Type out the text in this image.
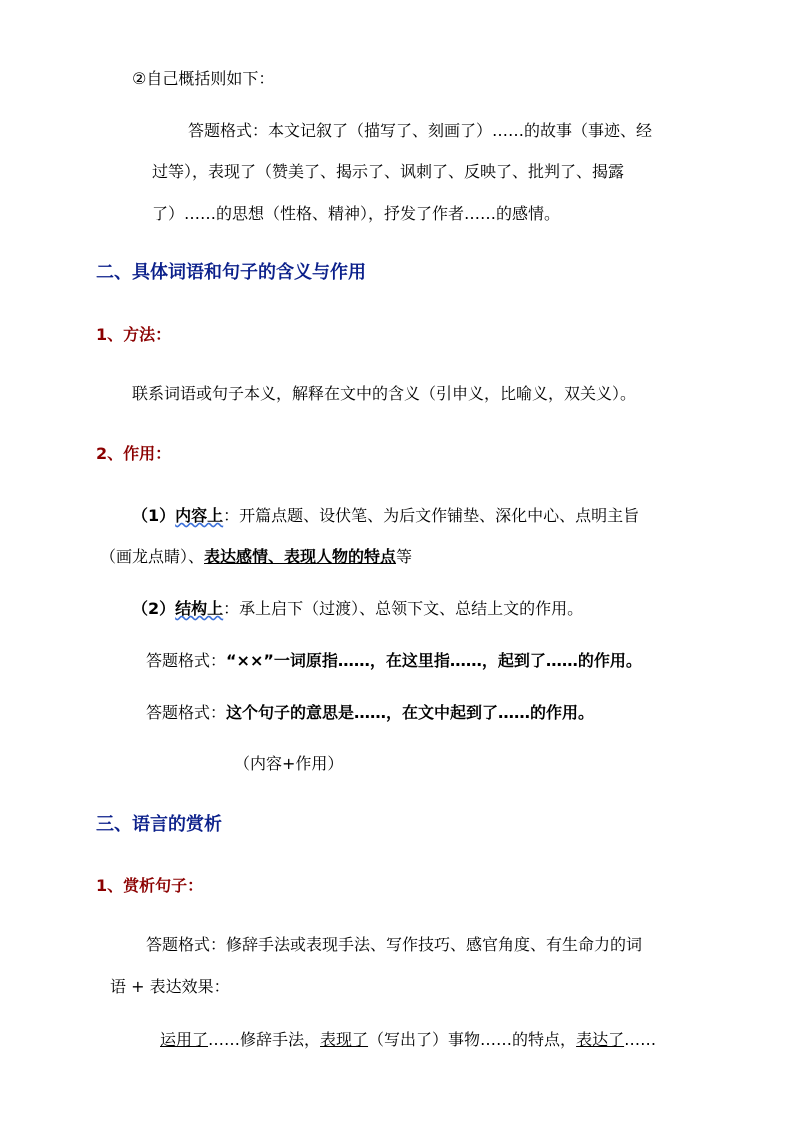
②自己概括则如下：
答题格式：本文记叙了（描写了、刻画了）……的故事（事迹、经
过等），表现了（赞美了、揭示了、讽刺了、反映了、批判了、揭露
了）……的思想（性格、精神），抒发了作者……的感情。
二、具体词语和句子的含义与作用
1、方法：
联系词语或句子本义，解释在文中的含义（引申义，比喻义，双关义）。
2、作用：
（1）内容上：开篇点题、设伏笔、为后文作铺垫、深化中心、点明主旨
（画龙点睛）、表达感情、表现人物的特点等
（2）结构上：承上启下（过渡）、总领下文、总结上文的作用。
答题格式：“××”一词原指……，在这里指……，起到了……的作用。
答题格式：这个句子的意思是……，在文中起到了……的作用。
（内容+作用）
三、语言的赏析
1、赏析句子：
答题格式：修辞手法或表现手法、写作技巧、感官角度、有生命力的词
语 + 表达效果：
运用了……修辞手法，表现了（写出了）事物……的特点，表达了……
